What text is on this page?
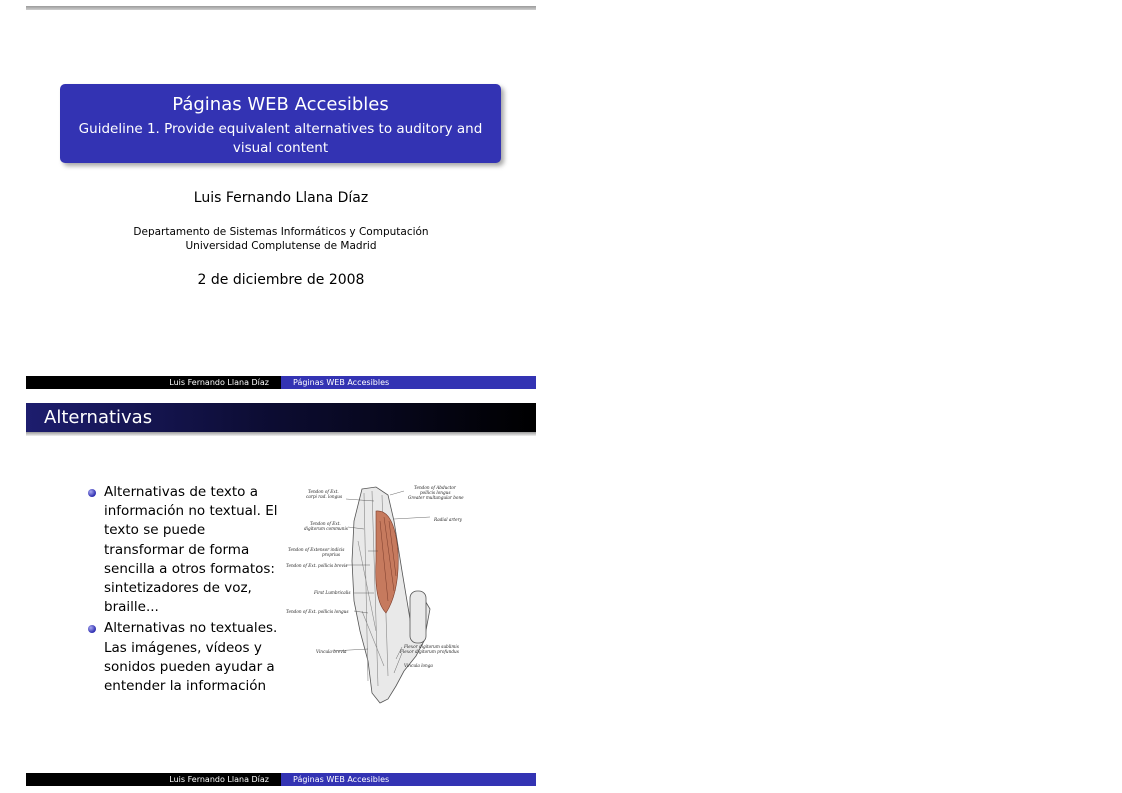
Páginas WEB Accesibles
Guideline 1. Provide equivalent alternatives to auditory and visual content
Luis Fernando Llana Díaz
Departamento de Sistemas Informáticos y Computación
Universidad Complutense de Madrid
2 de diciembre de 2008
Luis Fernando Llana Díaz	Páginas WEB Accesibles
Alternativas
Alternativas de texto a información no textual. El texto se puede transformar de forma sencilla a otros formatos: sintetizadores de voz, braille...
Alternativas no textuales. Las imágenes, vídeos y sonidos pueden ayudar a entender la información
Tendon of Ext.
carpi rad. longus
Tendon of Ext.
digitorum communis
Tendon of Extensor indicis
proprius
Tendon of Ext. pollicis brevis
First Lumbricalis
Tendon of Ext. pollicis longus
Vincula brevia
Tendon of Abductor
pollicis longus
Greater multangular bone
Radial artery
Flexor digitorum sublimis
Flexor digitorum profundus
Vincula longa
Luis Fernando Llana Díaz	Páginas WEB Accesibles
